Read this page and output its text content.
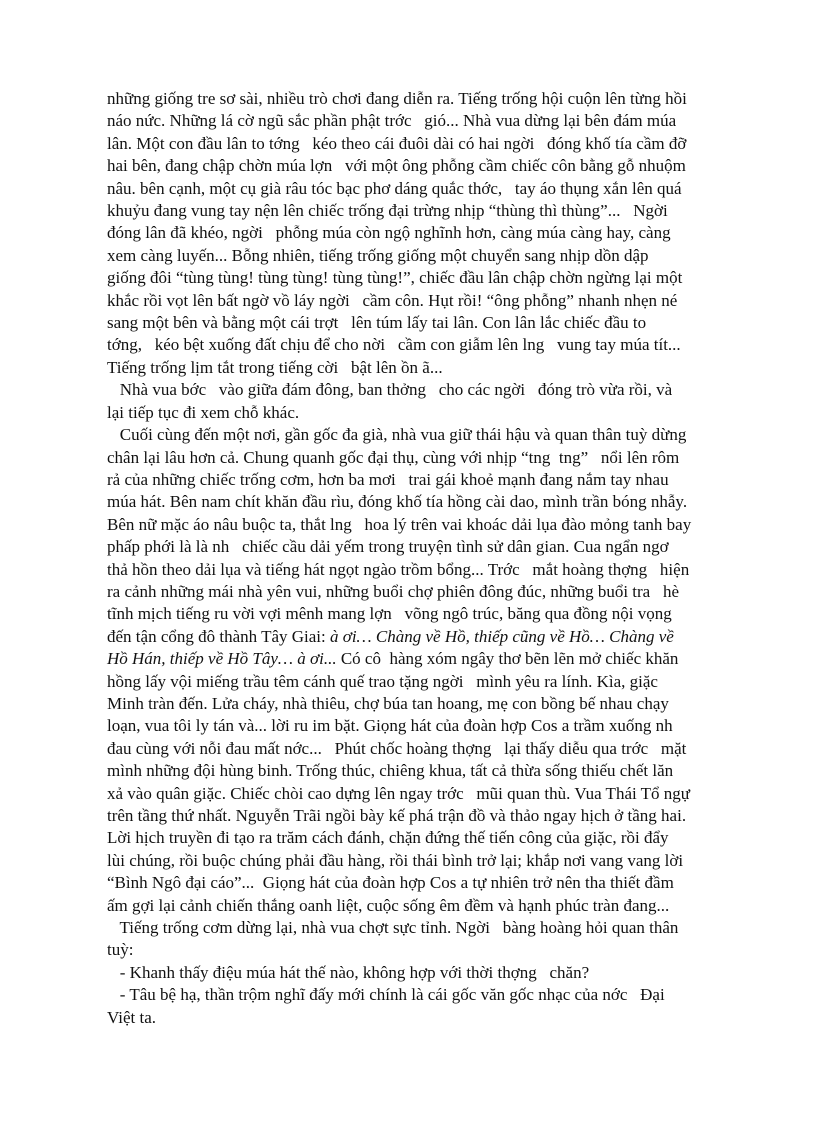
những giống tre sơ sài, nhiều trò chơi đang diễn ra. Tiếng trống hội cuộn lên từng hồi
náo nức. Những lá cờ ngũ sắc phần phật trớc   gió... Nhà vua dừng lại bên đám múa
lân. Một con đầu lân to tớng   kéo theo cái đuôi dài có hai ngời   đóng khố tía cầm đỡ
hai bên, đang chập chờn múa lợn   với một ông phỗng cầm chiếc côn bằng gỗ nhuộm
nâu. bên cạnh, một cụ già râu tóc bạc phơ dáng quắc thớc,   tay áo thụng xắn lên quá
khuỷu đang vung tay nện lên chiếc trống đại trừng nhịp “thùng thì thùng”...   Ngời
đóng lân đã khéo, ngời   phỗng múa còn ngộ nghĩnh hơn, càng múa càng hay, càng
xem càng luyến... Bỗng nhiên, tiếng trống giống một chuyển sang nhịp dồn dập
giống đôi “tùng tùng! tùng tùng! tùng tùng!”, chiếc đầu lân chập chờn ngừng lại một
khắc rồi vọt lên bất ngờ vồ láy ngời   cầm côn. Hụt rồi! “ông phỗng” nhanh nhẹn né
sang một bên và bằng một cái trợt   lên túm lấy tai lân. Con lân lắc chiếc đầu to
tớng,   kéo bệt xuống đất chịu để cho nời   cầm con giẫm lên lng   vung tay múa tít...
Tiếng trống lịm tắt trong tiếng cời   bật lên ồn ã...
Nhà vua bớc   vào giữa đám đông, ban thởng   cho các ngời   đóng trò vừa rồi, và
lại tiếp tục đi xem chỗ khác.
Cuối cùng đến một nơi, gần gốc đa già, nhà vua giữ thái hậu và quan thân tuỳ dừng
chân lại lâu hơn cả. Chung quanh gốc đại thụ, cùng với nhịp “tng  tng”   nổi lên rôm
rả của những chiếc trống cơm, hơn ba mơi   trai gái khoẻ mạnh đang nắm tay nhau
múa hát. Bên nam chít khăn đầu rìu, đóng khố tía hồng cài dao, mình trần bóng nhẫy.
Bên nữ mặc áo nâu buộc ta, thắt lng   hoa lý trên vai khoác dải lụa đào mỏng tanh bay
phấp phới là là nh   chiếc cầu dải yếm trong truyện tình sử dân gian. Cua ngẩn ngơ
thả hồn theo dải lụa và tiếng hát ngọt ngào trồm bổng... Trớc   mắt hoàng thợng   hiện
ra cảnh những mái nhà yên vui, những buổi chợ phiên đông đúc, những buổi tra   hè
tĩnh mịch tiếng ru vời vợi mênh mang lợn   võng ngô trúc, băng qua đồng nội vọng
đến tận cổng đô thành Tây Giai: à ơi… Chàng về Hồ, thiếp cũng về Hồ… Chàng về
Hồ Hán, thiếp về Hồ Tây… à ơi... Có cô  hàng xóm ngây thơ bẽn lẽn mở chiếc khăn
hồng lấy vội miếng trầu têm cánh quế trao tặng ngời   mình yêu ra lính. Kìa, giặc
Minh tràn đến. Lửa cháy, nhà thiêu, chợ búa tan hoang, mẹ con bồng bế nhau chạy
loạn, vua tôi ly tán và... lời ru im bặt. Giọng hát của đoàn hợp Cos a trầm xuống nh
đau cùng với nỗi đau mất nớc...   Phút chốc hoàng thợng   lại thấy diễu qua trớc   mặt
mình những đội hùng binh. Trống thúc, chiêng khua, tất cả thừa sống thiếu chết lăn
xả vào quân giặc. Chiếc chòi cao dựng lên ngay trớc   mũi quan thù. Vua Thái Tổ ngự
trên tầng thứ nhất. Nguyễn Trãi ngồi bày kế phá trận đồ và thảo ngay hịch ở tầng hai.
Lời hịch truyền đi tạo ra trăm cách đánh, chặn đứng thế tiến công của giặc, rồi đẩy
lùi chúng, rồi buộc chúng phải đầu hàng, rồi thái bình trở lại; khắp nơi vang vang lời
“Bình Ngô đại cáo”...  Giọng hát của đoàn hợp Cos a tự nhiên trở nên tha thiết đầm
ấm gợi lại cảnh chiến thắng oanh liệt, cuộc sống êm đềm và hạnh phúc tràn đang...
Tiếng trống cơm dừng lại, nhà vua chợt sực tỉnh. Ngời   bàng hoàng hỏi quan thân
tuỳ:
- Khanh thấy điệu múa hát thế nào, không hợp với thời thợng   chăn?
- Tâu bệ hạ, thần trộm nghĩ đấy mới chính là cái gốc văn gốc nhạc của nớc   Đại
Việt ta.
